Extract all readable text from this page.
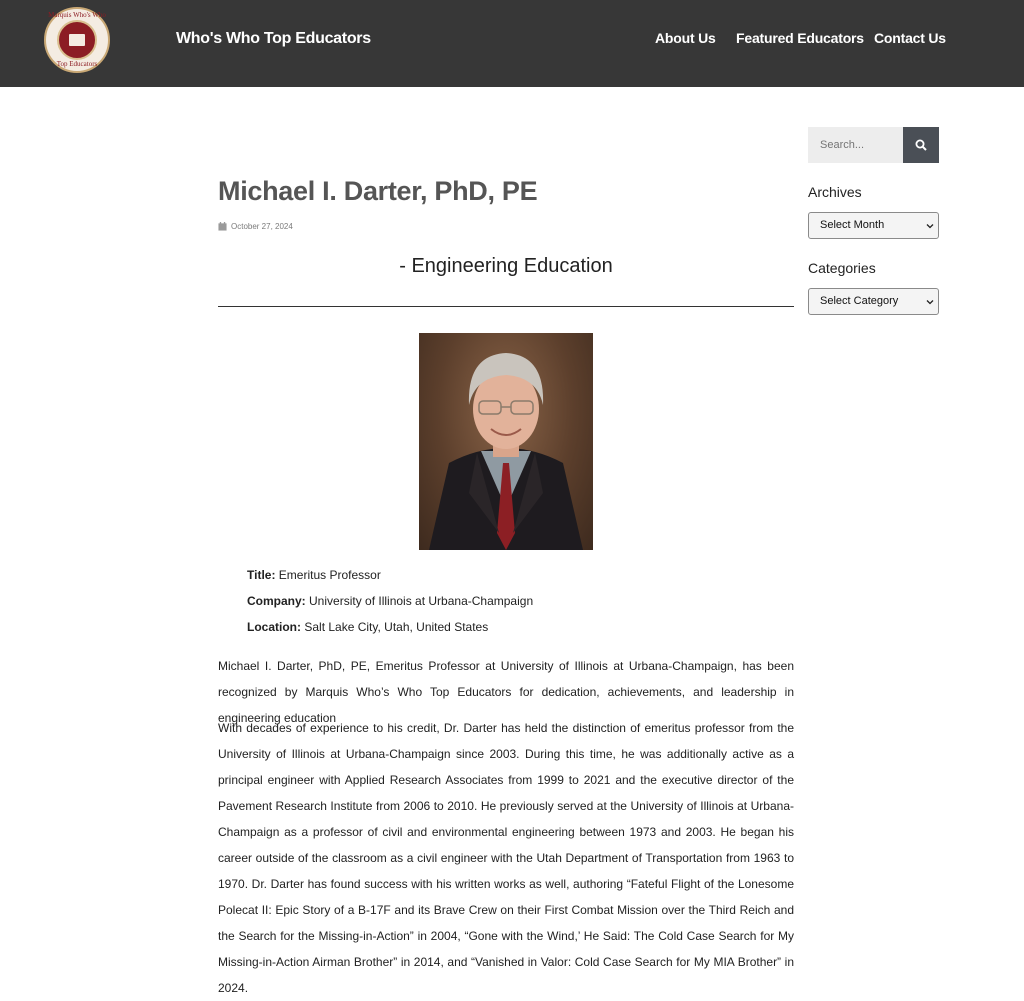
Marquis Who's Who
Top Educators
Who's Who Top Educators	About Us Featured Educators Contact Us
Michael I. Darter, PhD, PE
October 27, 2024
- Engineering Education
Title: Emeritus Professor
Company: University of Illinois at Urbana-Champaign
Location: Salt Lake City, Utah, United States

Michael I. Darter, PhD, PE, Emeritus Professor at University of Illinois at Urbana-Champaign, has been recognized by Marquis Who’s Who Top Educators for dedication, achievements, and leadership in engineering education

With decades of experience to his credit, Dr. Darter has held the distinction of emeritus professor from the University of Illinois at Urbana-Champaign since 2003. During this time, he was additionally active as a principal engineer with Applied Research Associates from 1999 to 2021 and the executive director of the Pavement Research Institute from 2006 to 2010. He previously served at the University of Illinois at Urbana-Champaign as a professor of civil and environmental engineering between 1973 and 2003. He began his career outside of the classroom as a civil engineer with the Utah Department of Transportation from 1963 to 1970. Dr. Darter has found success with his written works as well, authoring “Fateful Flight of the Lonesome Polecat II: Epic Story of a B-17F and its Brave Crew on their First Combat Mission over the Third Reich and the Search for the Missing-in-Action” in 2004, “Gone with the Wind,’ He Said: The Cold Case Search for My Missing-in-Action Airman Brother” in 2014, and “Vanished in Valor: Cold Case Search for My MIA Brother” in 2024.

Search...
Archives
Select Month
Categories
Select Category
